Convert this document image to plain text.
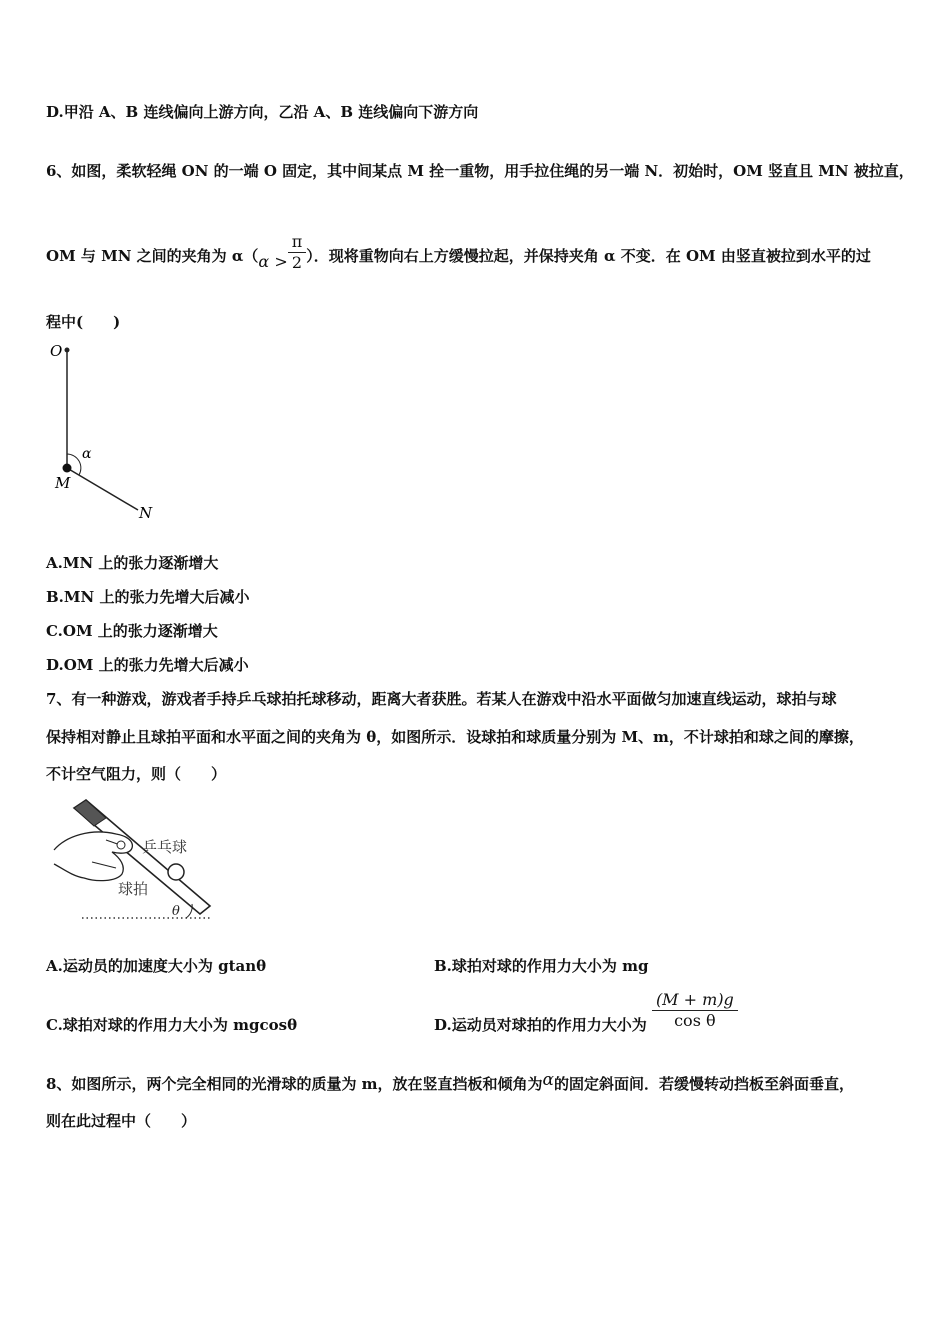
D.甲沿 A、B 连线偏向上游方向，乙沿 A、B 连线偏向下游方向
6、如图，柔软轻绳 ON 的一端 O 固定，其中间某点 M 拴一重物，用手拉住绳的另一端 N．初始时，OM 竖直且 MN 被拉直，
OM 与 MN 之间的夹角为 $\alpha(\alpha > \frac{\pi}{2}$ ）．现将重物向右上方缓慢拉起，并保持夹角 α 不变．在 OM 由竖直被拉到水平的过
程中(　　)
O
α
M
N
A.MN 上的张力逐渐增大
B.MN 上的张力先增大后减小
C.OM 上的张力逐渐增大
D.OM 上的张力先增大后减小
7、有一种游戏，游戏者手持乒乓球拍托球移动，距离大者获胜。若某人在游戏中沿水平面做匀加速直线运动，球拍与球
保持相对静止且球拍平面和水平面之间的夹角为 θ，如图所示．设球拍和球质量分别为 M、m，不计球拍和球之间的摩擦，
不计空气阻力，则（　　）
乒乓球
球拍
θ
A.运动员的加速度大小为 gtanθ	B.球拍对球的作用力大小为 mg
C.球拍对球的作用力大小为 mgcosθ	D.运动员对球拍的作用力大小为 $\frac{(M + m)g}{\text{cos θ}}$
8、如图所示，两个完全相同的光滑球的质量为 m，放在竖直挡板和倾角为α的固定斜面间．若缓慢转动挡板至斜面垂直，
则在此过程中（　　）
